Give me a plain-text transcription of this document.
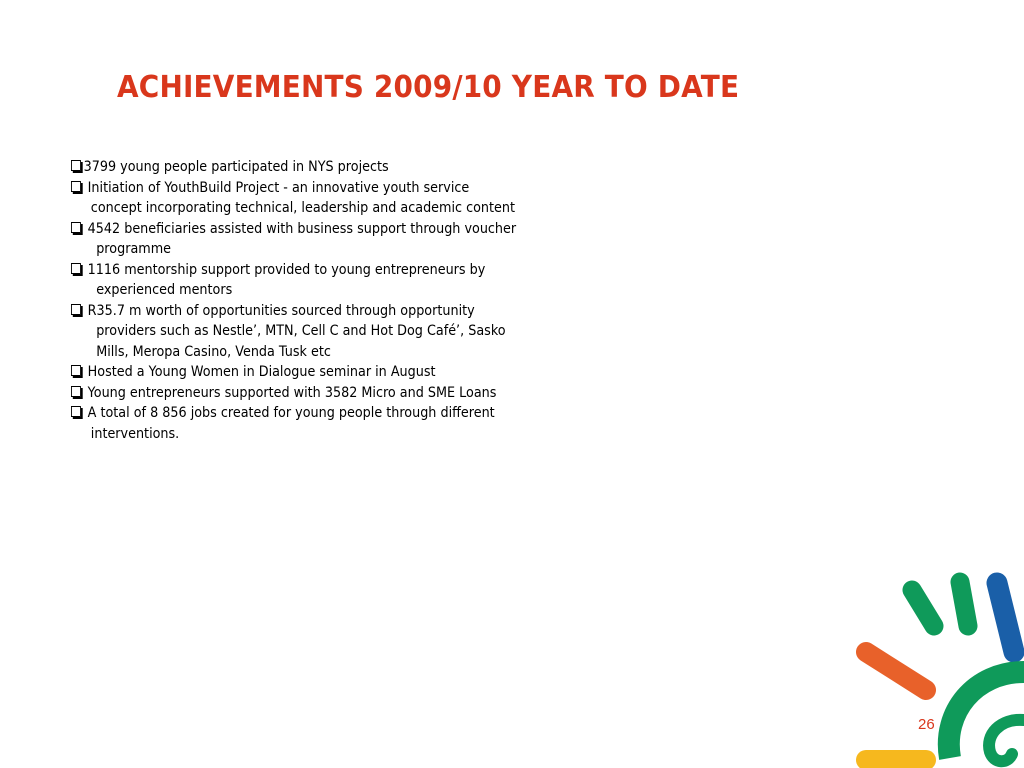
ACHIEVEMENTS 2009/10 YEAR TO DATE
3799 young people participated in NYS projects
Initiation of YouthBuild Project - an innovative youth service
concept incorporating technical, leadership and academic content
4542 beneficiaries assisted with business support through voucher
programme
1116 mentorship support provided to young entrepreneurs by
experienced mentors
R35.7 m worth of opportunities sourced through opportunity
providers such as Nestle’, MTN, Cell C and Hot Dog Café’, Sasko
Mills, Meropa Casino, Venda Tusk etc
Hosted a Young Women in Dialogue seminar in August
Young entrepreneurs supported with 3582 Micro and SME Loans
A total of 8 856 jobs created for young people through different
interventions.
26
